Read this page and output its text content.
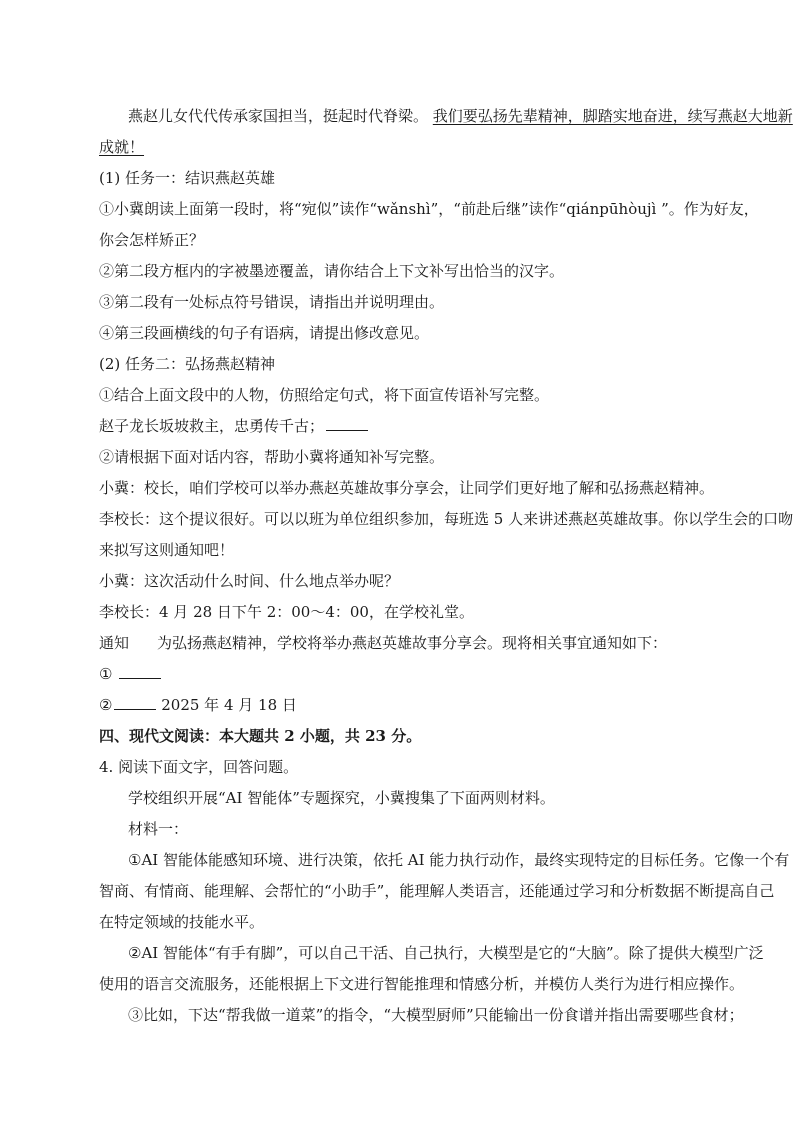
燕赵儿女代代传承家国担当，挺起时代脊梁。 我们要弘扬先辈精神，脚踏实地奋进，续写燕赵大地新
成就！
(1) 任务一：结识燕赵英雄
①小冀朗读上面第一段时，将“宛似”读作“wǎnshì”，“前赴后继”读作“qiánpūhòujì ”。作为好友，
你会怎样矫正？
②第二段方框内的字被墨迹覆盖，请你结合上下文补写出恰当的汉字。
③第二段有一处标点符号错误，请指出并说明理由。
④第三段画横线的句子有语病，请提出修改意见。
(2) 任务二：弘扬燕赵精神
①结合上面文段中的人物，仿照给定句式，将下面宣传语补写完整。
赵子龙长坂坡救主，忠勇传千古；
②请根据下面对话内容，帮助小冀将通知补写完整。
小冀：校长，咱们学校可以举办燕赵英雄故事分享会，让同学们更好地了解和弘扬燕赵精神。
李校长：这个提议很好。可以以班为单位组织参加，每班选 5 人来讲述燕赵英雄故事。你以学生会的口吻
来拟写这则通知吧！
小冀：这次活动什么时间、什么地点举办呢？
李校长：4 月 28 日下午 2：00～4：00，在学校礼堂。
通知 为弘扬燕赵精神，学校将举办燕赵英雄故事分享会。现将相关事宜通知如下：
①
②	2025 年 4 月 18 日
四、现代文阅读：本大题共 2 小题，共 23 分。
4. 阅读下面文字，回答问题。
学校组织开展“AI 智能体”专题探究，小冀搜集了下面两则材料。
材料一：
①AI 智能体能感知环境、进行决策，依托 AI 能力执行动作，最终实现特定的目标任务。它像一个有
智商、有情商、能理解、会帮忙的“小助手”，能理解人类语言，还能通过学习和分析数据不断提高自己
在特定领域的技能水平。
②AI 智能体“有手有脚”，可以自己干活、自己执行，大模型是它的“大脑”。除了提供大模型广泛
使用的语言交流服务，还能根据上下文进行智能推理和情感分析，并模仿人类行为进行相应操作。
③比如，下达“帮我做一道菜”的指令，“大模型厨师”只能输出一份食谱并指出需要哪些食材；
